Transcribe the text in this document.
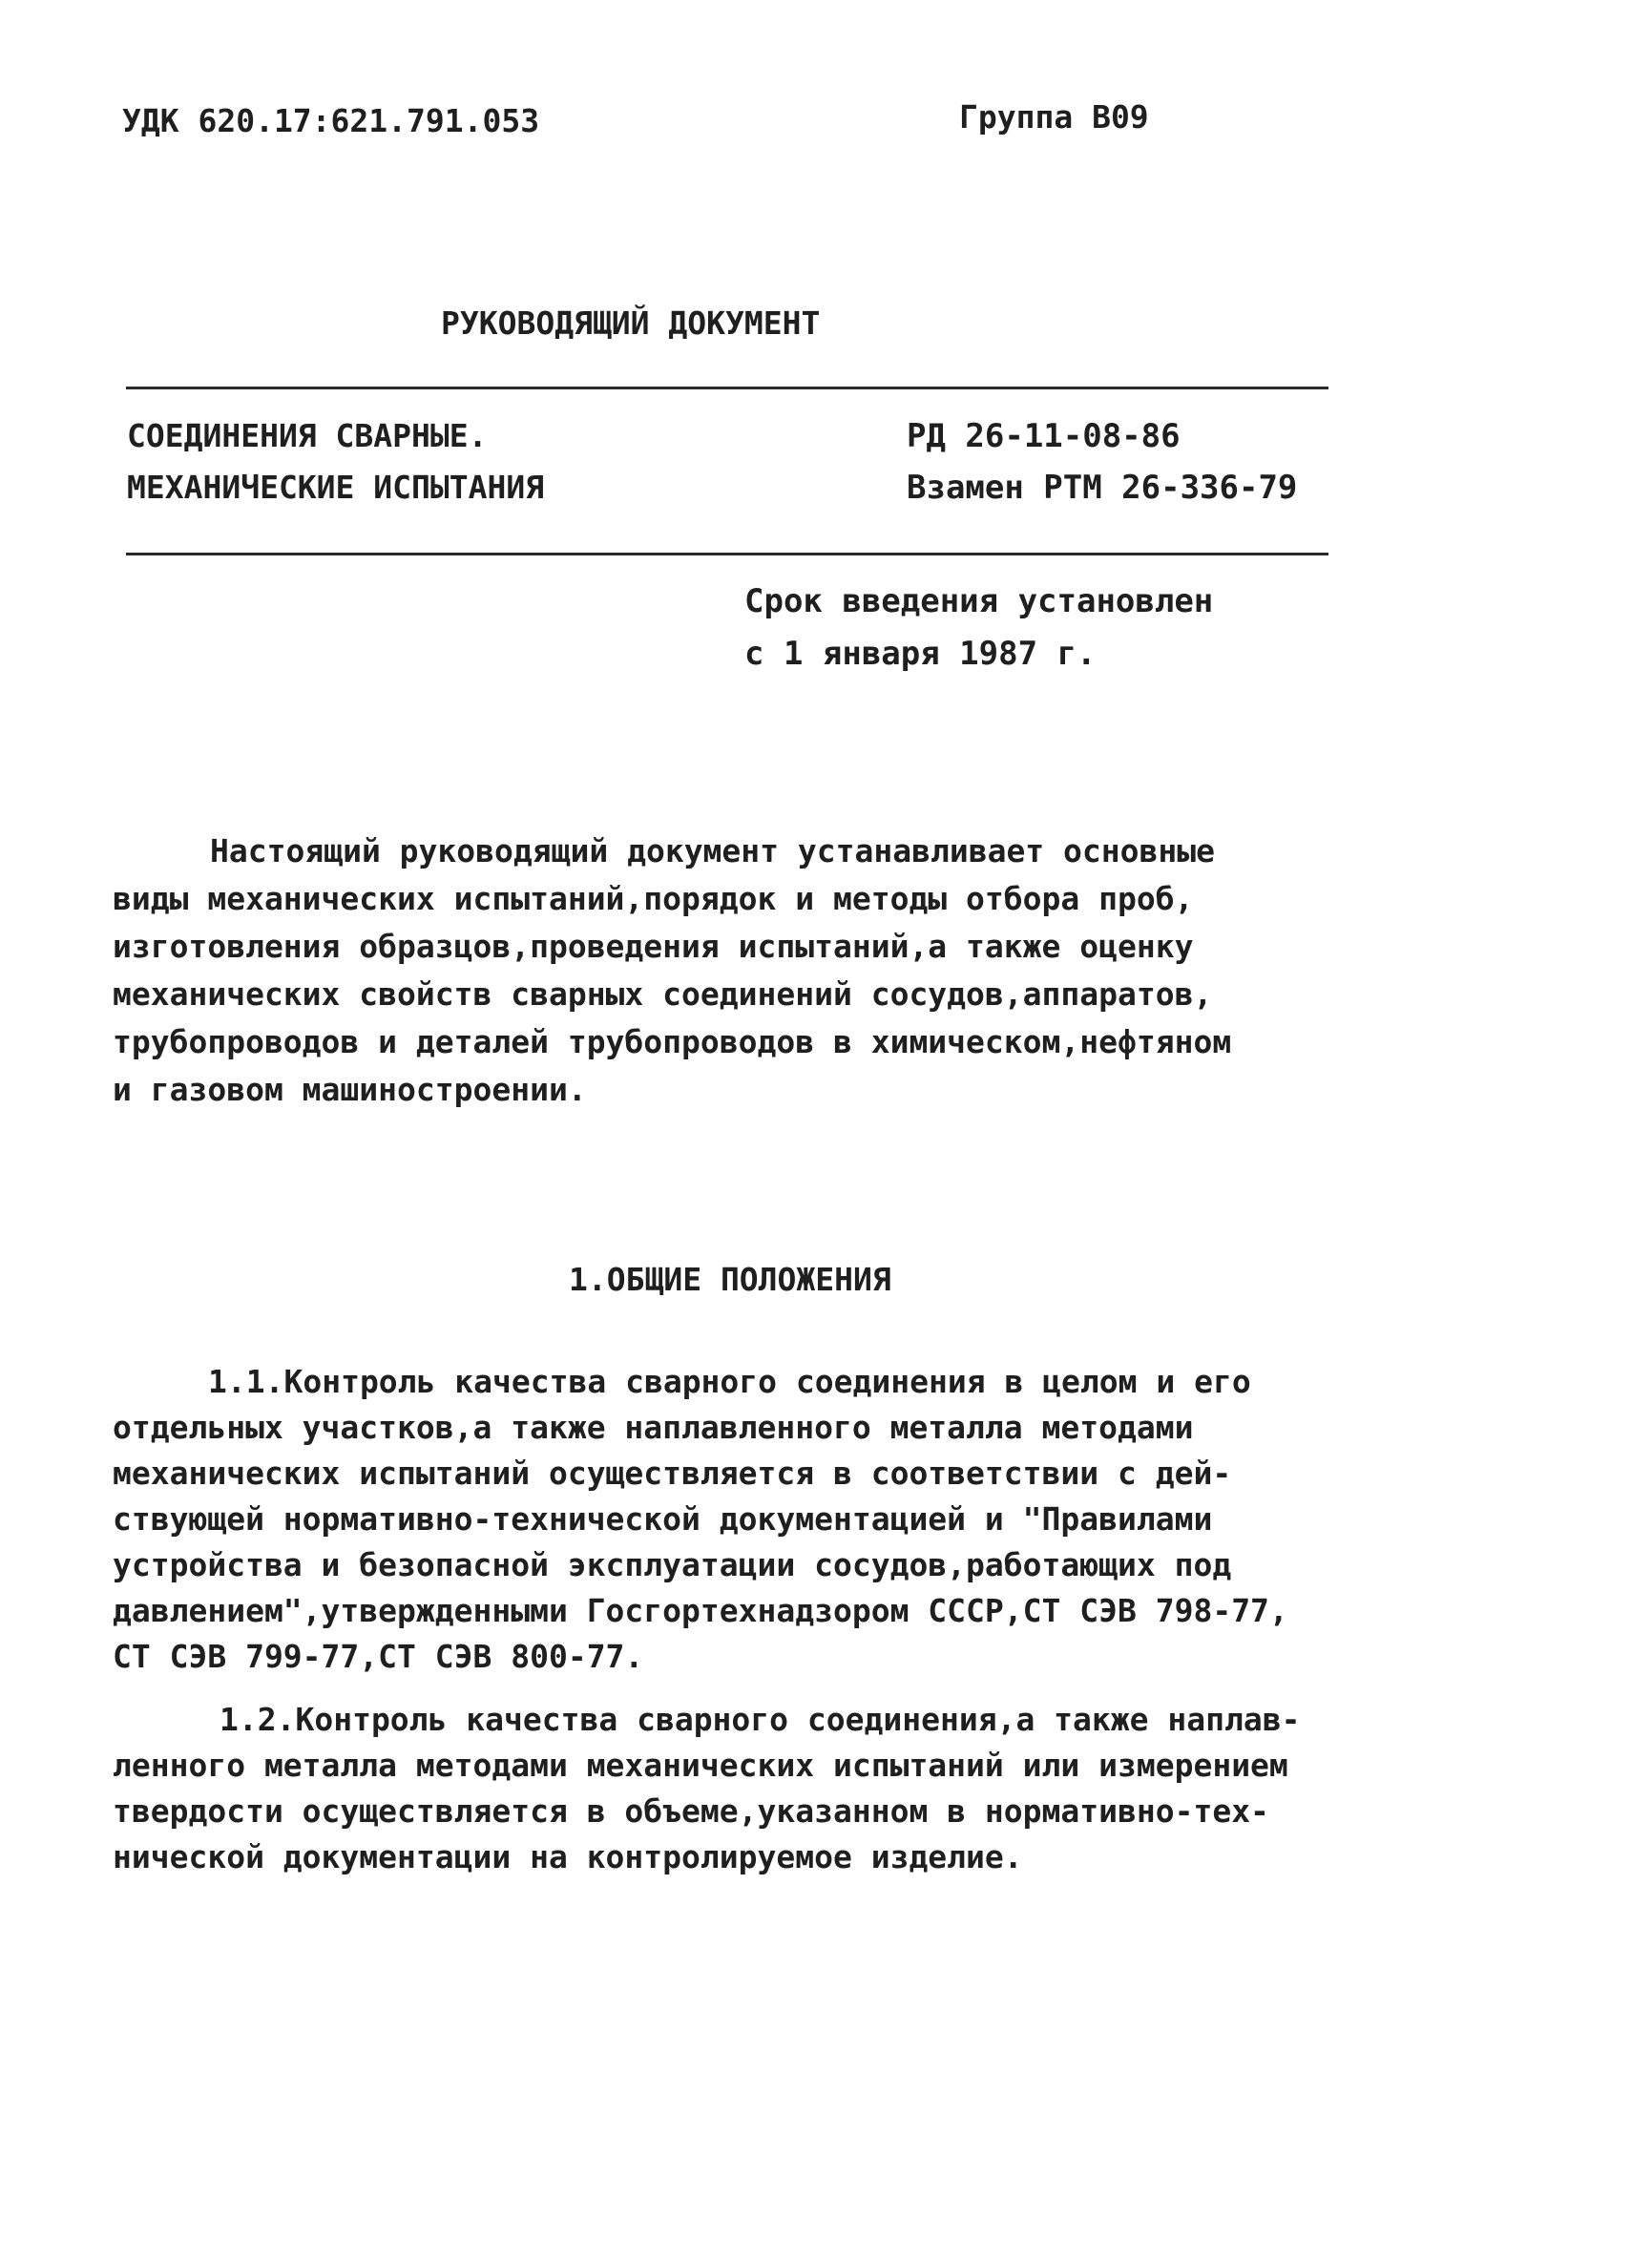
УДК 620.17:621.791.053	Группа В09
РУКОВОДЯЩИЙ ДОКУМЕНТ
СОЕДИНЕНИЯ СВАРНЫЕ.
МЕХАНИЧЕСКИЕ ИСПЫТАНИЯ
РД 26-11-08-86
Взамен РТМ 26-336-79
Срок введения установлен
с 1 января 1987 г.
Настоящий руководящий документ устанавливает основные
виды механических испытаний,порядок и методы отбора проб,
изготовления образцов,проведения испытаний,а также оценку
механических свойств сварных соединений сосудов,аппаратов,
трубопроводов и деталей трубопроводов в химическом,нефтяном
и газовом машиностроении.
1.ОБЩИЕ ПОЛОЖЕНИЯ
1.1.Контроль качества сварного соединения в целом и его
отдельных участков,а также наплавленного металла методами
механических испытаний осуществляется в соответствии с дей-
ствующей нормативно-технической документацией и "Правилами
устройства и безопасной эксплуатации сосудов,работающих под
давлением",утвержденными Госгортехнадзором СССР,СТ СЭВ 798-77,
СТ СЭВ 799-77,СТ СЭВ 800-77.
1.2.Контроль качества сварного соединения,а также наплав-
ленного металла методами механических испытаний или измерением
твердости осуществляется в объеме,указанном в нормативно-тех-
нической документации на контролируемое изделие.
